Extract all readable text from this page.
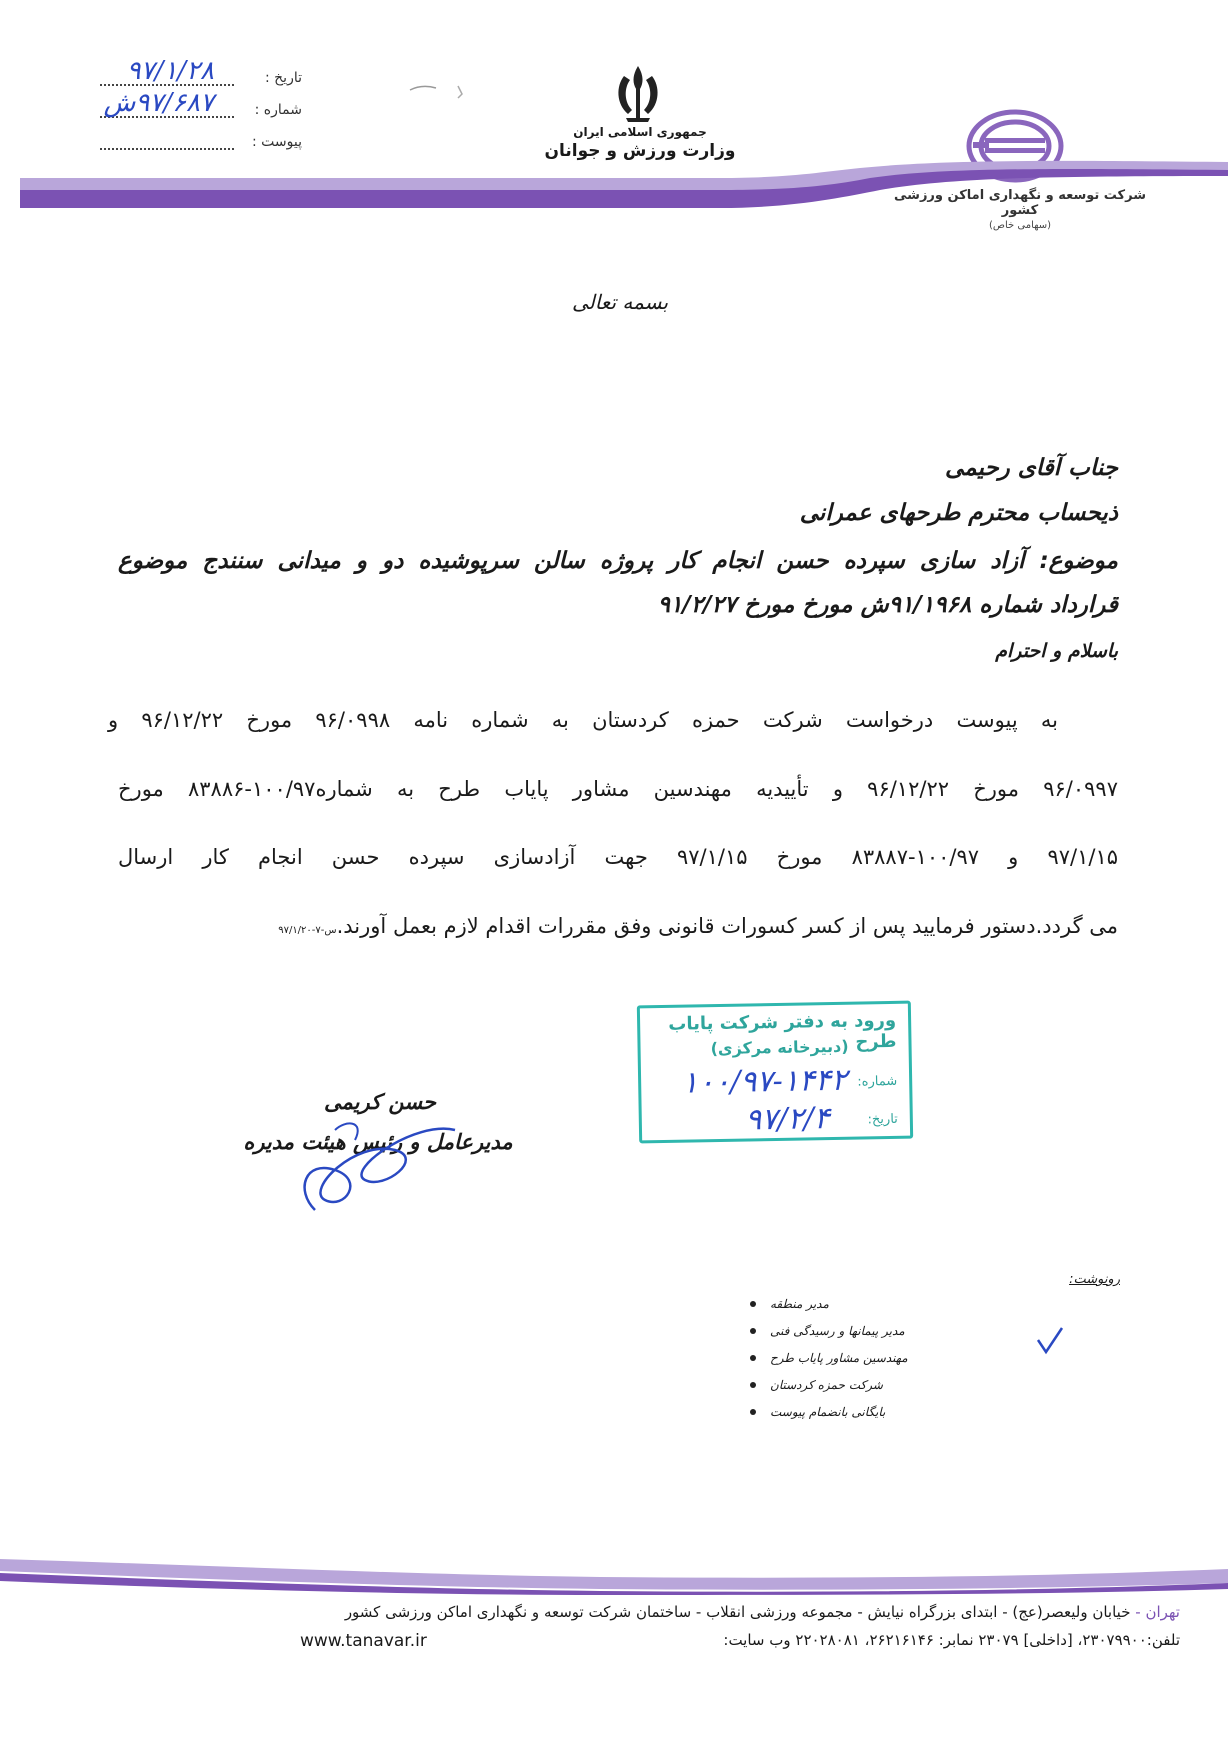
جمهوری اسلامی ایران
وزارت ورزش و جوانان
تاریخ :
۹۷/۱/۲۸
شماره :
۹۷/۶۸۷ش
پیوست :
شرکت توسعه و نگهداری اماکن ورزشی کشور
(سهامی خاص)
بسمه تعالی
جناب آقای رحیمی
ذیحساب محترم طرحهای عمرانی
موضوع: آزاد سازی سپرده حسن انجام کار پروژه سالن سرپوشیده دو و میدانی سنندج موضوع
قرارداد شماره ۹۱/۱۹۶۸ش مورخ مورخ ۹۱/۲/۲۷
باسلام و احترام
به پیوست درخواست شرکت حمزه کردستان به شماره نامه ۹۶/۰۹۹۸ مورخ ۹۶/۱۲/۲۲ و
۹۶/۰۹۹۷ مورخ ۹۶/۱۲/۲۲ و تأییدیه مهندسین مشاور پایاب طرح به شماره۱۰۰/۹۷-۸۳۸۸۶ مورخ
۹۷/۱/۱۵ و ۱۰۰/۹۷-۸۳۸۸۷ مورخ ۹۷/۱/۱۵ جهت آزادسازی سپرده حسن انجام کار ارسال
می گردد.دستور فرمایید پس از کسر کسورات قانونی وفق مقررات اقدام لازم بعمل آورند.س-۷-۹۷/۱/۲۰
ورود به دفتر شرکت پایاب طرح
(دبیرخانه مرکزی)
شماره:
۱۰۰/۹۷-۱۴۴۲
تاریخ:
۹۷/۲/۴
حسن کریمی
مدیرعامل و رئیس هیئت مدیره
رونوشت:
مدیر منطقه
مدیر پیمانها و رسیدگی فنی
مهندسین مشاور پایاب طرح
شرکت حمزه کردستان
بایگانی بانضمام پیوست
تهران - خیابان ولیعصر(عج) - ابتدای بزرگراه نیایش - مجموعه ورزشی انقلاب - ساختمان شرکت توسعه و نگهداری اماکن ورزشی کشور
تلفن:۲۳۰۷۹۹۰۰، [داخلی] ۲۳۰۷۹ نمابر: ۲۶۲۱۶۱۴۶، ۲۲۰۲۸۰۸۱ وب سایت:
www.tanavar.ir
